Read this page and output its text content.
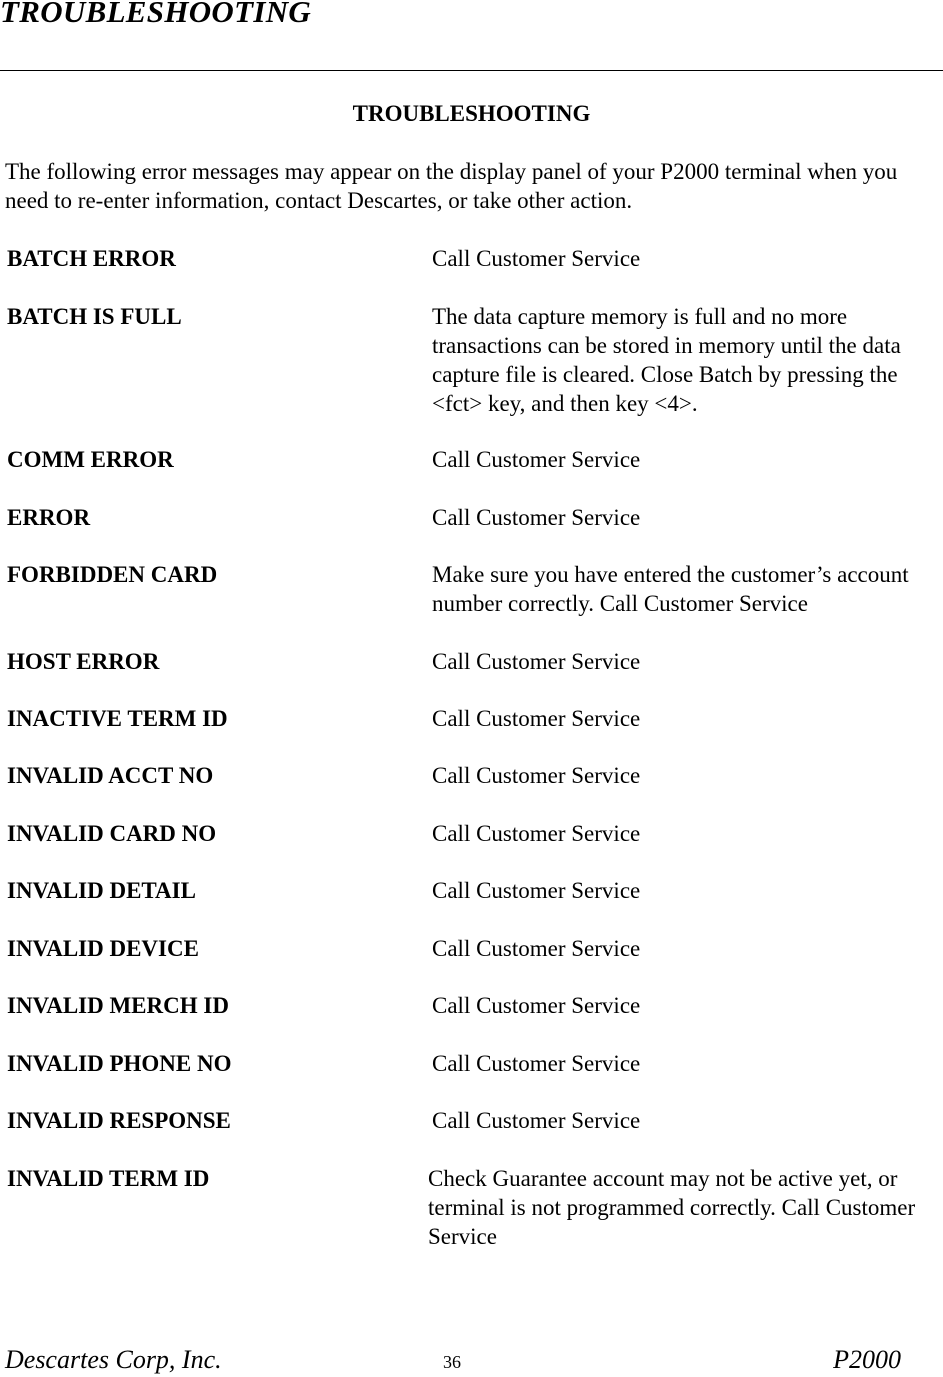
TROUBLESHOOTING
TROUBLESHOOTING
The following error messages may appear on the display panel of your P2000 terminal when you need to re-enter information, contact Descartes, or take other action.
BATCH ERROR	Call Customer Service
BATCH IS FULL	The data capture memory is full and no more transactions can be stored in memory until the data capture file is cleared. Close Batch by pressing the <fct> key, and then key <4>.
COMM ERROR	Call Customer Service
ERROR	Call Customer Service
FORBIDDEN CARD	Make sure you have entered the customer’s account number correctly. Call Customer Service
HOST ERROR	Call Customer Service
INACTIVE TERM ID	Call Customer Service
INVALID ACCT NO	Call Customer Service
INVALID CARD NO	Call Customer Service
INVALID DETAIL	Call Customer Service
INVALID DEVICE	Call Customer Service
INVALID MERCH ID	Call Customer Service
INVALID PHONE NO	Call Customer Service
INVALID RESPONSE	Call Customer Service
INVALID TERM ID	Check Guarantee account may not be active yet, or terminal is not programmed correctly. Call Customer Service
Descartes Corp, Inc.	36	P2000
